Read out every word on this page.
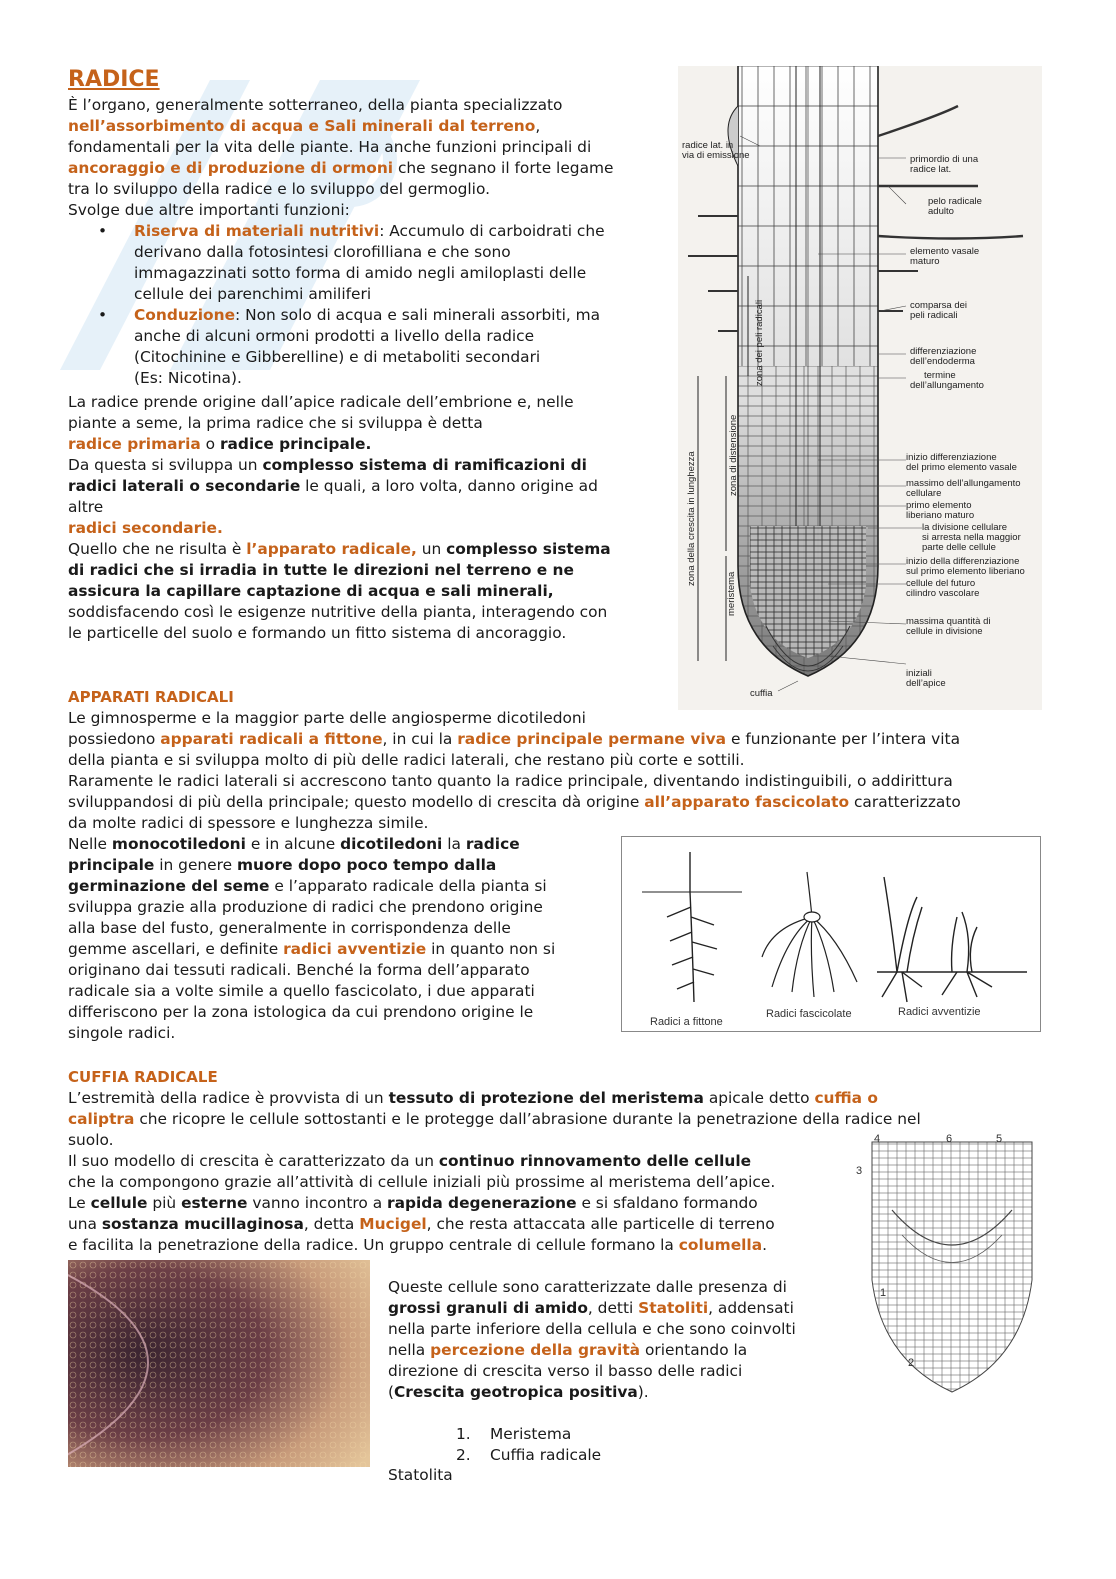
RADICE
È l’organo, generalmente sotterraneo, della pianta specializzato
nell’assorbimento di acqua e Sali minerali dal terreno,
fondamentali per la vita delle piante. Ha anche funzioni principali di
ancoraggio e di produzione di ormoni che segnano il forte legame
tra lo sviluppo della radice e lo sviluppo del germoglio.
Svolge due altre importanti funzioni:
• Riserva di materiali nutritivi: Accumulo di carboidrati che
derivano dalla fotosintesi clorofilliana e che sono
immagazzinati sotto forma di amido negli amiloplasti delle
cellule dei parenchimi amiliferi
• Conduzione: Non solo di acqua e sali minerali assorbiti, ma
anche di alcuni ormoni prodotti a livello della radice
(Citochinine e Gibberelline) e di metaboliti secondari
(Es: Nicotina).
La radice prende origine dall’apice radicale dell’embrione e, nelle
piante a seme, la prima radice che si sviluppa è detta
radice primaria o radice principale.
Da questa si sviluppa un complesso sistema di ramificazioni di
radici laterali o secondarie le quali, a loro volta, danno origine ad
altre
radici secondarie.
Quello che ne risulta è l’apparato radicale, un complesso sistema
di radici che si irradia in tutte le direzioni nel terreno e ne
assicura la capillare captazione di acqua e sali minerali,
soddisfacendo così le esigenze nutritive della pianta, interagendo con
le particelle del suolo e formando un fitto sistema di ancoraggio.
radice lat. in
via di emissione	primordio di una
radice lat.
pelo radicale
adulto
elemento vasale
maturo
comparsa dei
peli radicali
differenziazione
dell’endoderma
termine
dell’allungamento
inizio differenziazione
del primo elemento vasale
massimo dell’allungamento
cellulare
primo elemento
liberiano maturo
la divisione cellulare
si arresta nella maggior
parte delle cellule
inizio della differenziazione
sul primo elemento liberiano
cellule del futuro
cilindro vascolare
massima quantità di
cellule in divisione
iniziali
dell’apice
cuffia
zona dei peli radicali
zona di distensione
zona della crescita in lunghezza
meristema
APPARATI RADICALI
Le gimnosperme e la maggior parte delle angiosperme dicotiledoni
possiedono apparati radicali a fittone, in cui la radice principale permane viva e funzionante per l’intera vita
della pianta e si sviluppa molto di più delle radici laterali, che restano più corte e sottili.
Raramente le radici laterali si accrescono tanto quanto la radice principale, diventando indistinguibili, o addirittura
sviluppandosi di più della principale; questo modello di crescita dà origine all’apparato fascicolato caratterizzato
da molte radici di spessore e lunghezza simile.
Nelle monocotiledoni e in alcune dicotiledoni la radice
principale in genere muore dopo poco tempo dalla
germinazione del seme e l’apparato radicale della pianta si
sviluppa grazie alla produzione di radici che prendono origine
alla base del fusto, generalmente in corrispondenza delle
gemme ascellari, e definite radici avventizie in quanto non si
originano dai tessuti radicali. Benché la forma dell’apparato
radicale sia a volte simile a quello fascicolato, i due apparati
differiscono per la zona istologica da cui prendono origine le
singole radici.
Radici a fittone
Radici fascicolate	Radici avventizie
CUFFIA RADICALE
L’estremità della radice è provvista di un tessuto di protezione del meristema apicale detto cuffia o
caliptra che ricopre le cellule sottostanti e le protegge dall’abrasione durante la penetrazione della radice nel
suolo.
Il suo modello di crescita è caratterizzato da un continuo rinnovamento delle cellule
che la compongono grazie all’attività di cellule iniziali più prossime al meristema dell’apice.
Le cellule più esterne vanno incontro a rapida degenerazione e si sfaldano formando
una sostanza mucillaginosa, detta Mucigel, che resta attaccata alle particelle di terreno
e facilita la penetrazione della radice. Un gruppo centrale di cellule formano la columella.
4	6	5
3
1
2
Queste cellule sono caratterizzate dalle presenza di
grossi granuli di amido, detti Statoliti, addensati
nella parte inferiore della cellula e che sono coinvolti
nella percezione della gravità orientando la
direzione di crescita verso il basso delle radici
(Crescita geotropica positiva).
1. Meristema
2. Cuffia radicale
Statolita
